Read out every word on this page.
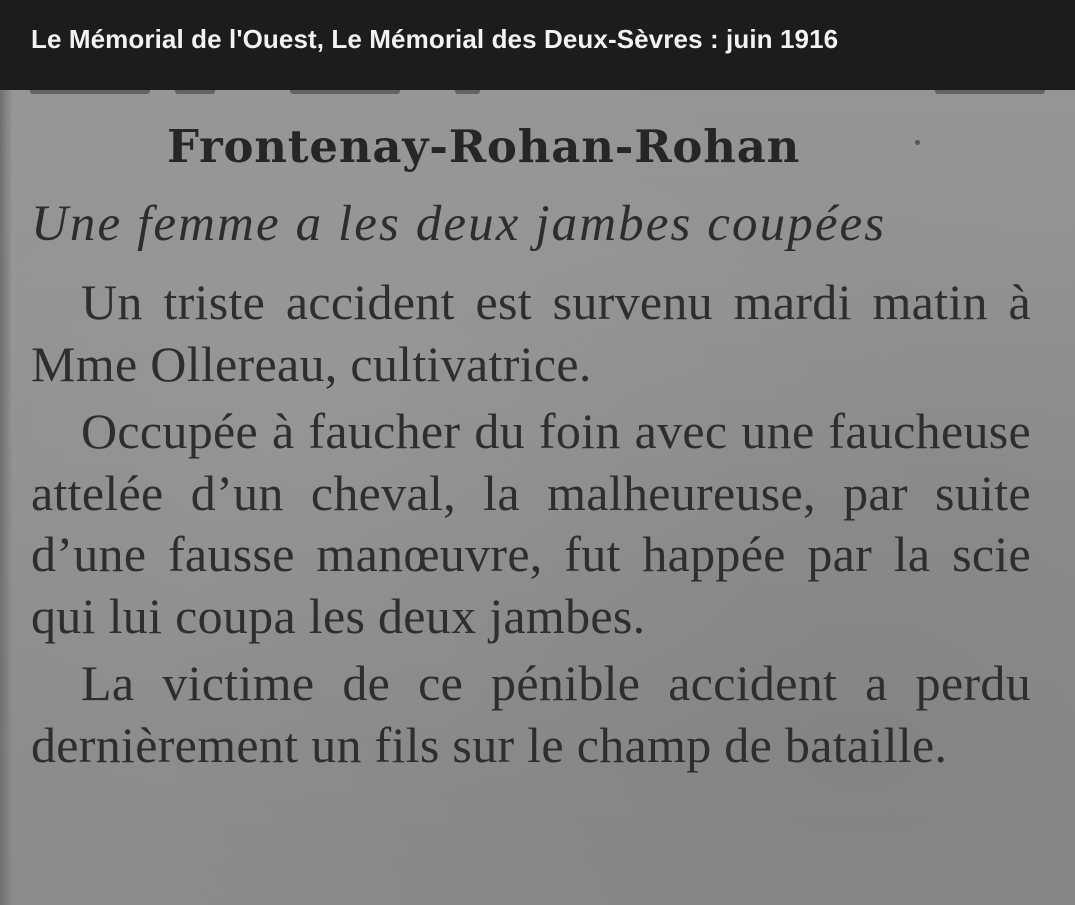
Le Mémorial de l'Ouest, Le Mémorial des Deux-Sèvres : juin 1916
Frontenay-Rohan-Rohan
Une femme a les deux jambes coupées

Un triste accident est survenu mardi matin à Mme Ollereau, cultivatrice.

Occupée à faucher du foin avec une faucheuse attelée d’un cheval, la malheureuse, par suite d’une fausse manœuvre, fut happée par la scie qui lui coupa les deux jambes.

La victime de ce pénible accident a perdu dernièrement un fils sur le champ de bataille.
